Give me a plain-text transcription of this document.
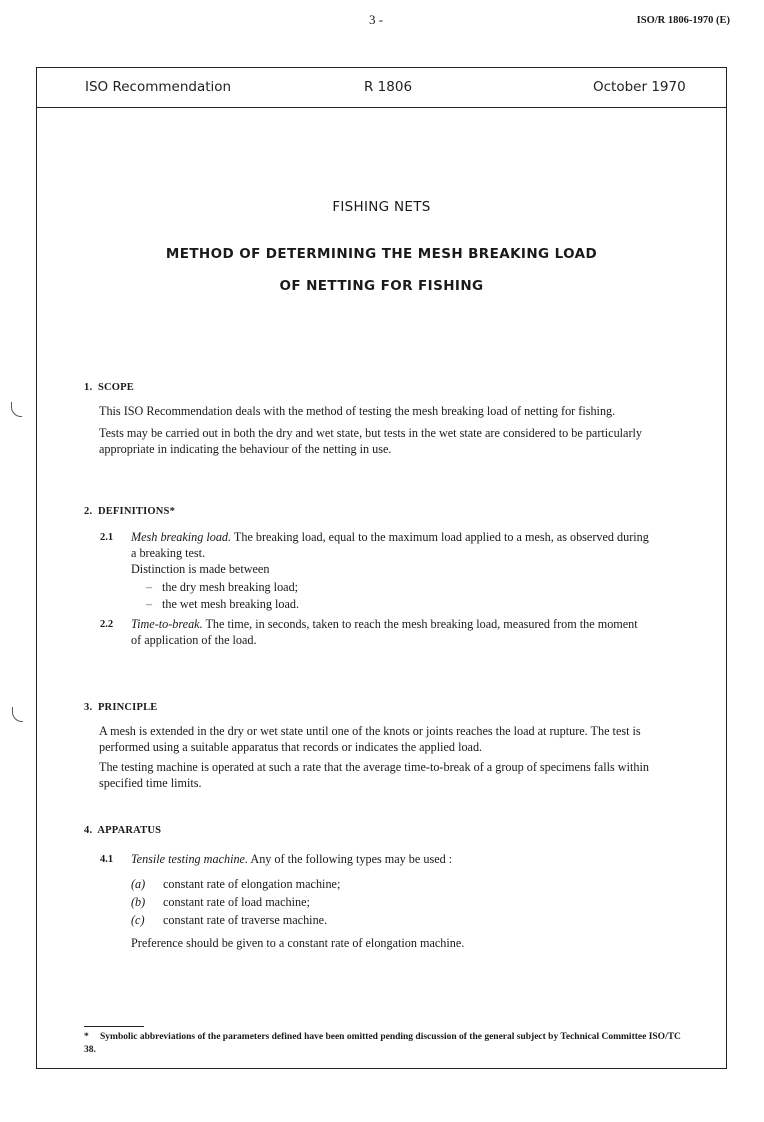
3 -	ISO/R 1806-1970 (E)
ISO Recommendation	R 1806	October 1970
FISHING NETS
METHOD OF DETERMINING THE MESH BREAKING LOAD
OF NETTING FOR FISHING
1. SCOPE
This ISO Recommendation deals with the method of testing the mesh breaking load of netting for fishing.
Tests may be carried out in both the dry and wet state, but tests in the wet state are considered to be particularly appropriate in indicating the behaviour of the netting in use.
2. DEFINITIONS*
2.1 Mesh breaking load. The breaking load, equal to the maximum load applied to a mesh, as observed during a breaking test.
Distinction is made between
– the dry mesh breaking load;
– the wet mesh breaking load.
2.2 Time-to-break. The time, in seconds, taken to reach the mesh breaking load, measured from the moment of application of the load.
3. PRINCIPLE
A mesh is extended in the dry or wet state until one of the knots or joints reaches the load at rupture. The test is performed using a suitable apparatus that records or indicates the applied load.
The testing machine is operated at such a rate that the average time-to-break of a group of specimens falls within specified time limits.
4. APPARATUS
4.1 Tensile testing machine. Any of the following types may be used :
(a) constant rate of elongation machine;
(b) constant rate of load machine;
(c) constant rate of traverse machine.
Preference should be given to a constant rate of elongation machine.
* Symbolic abbreviations of the parameters defined have been omitted pending discussion of the general subject by Technical Committee ISO/TC 38.
